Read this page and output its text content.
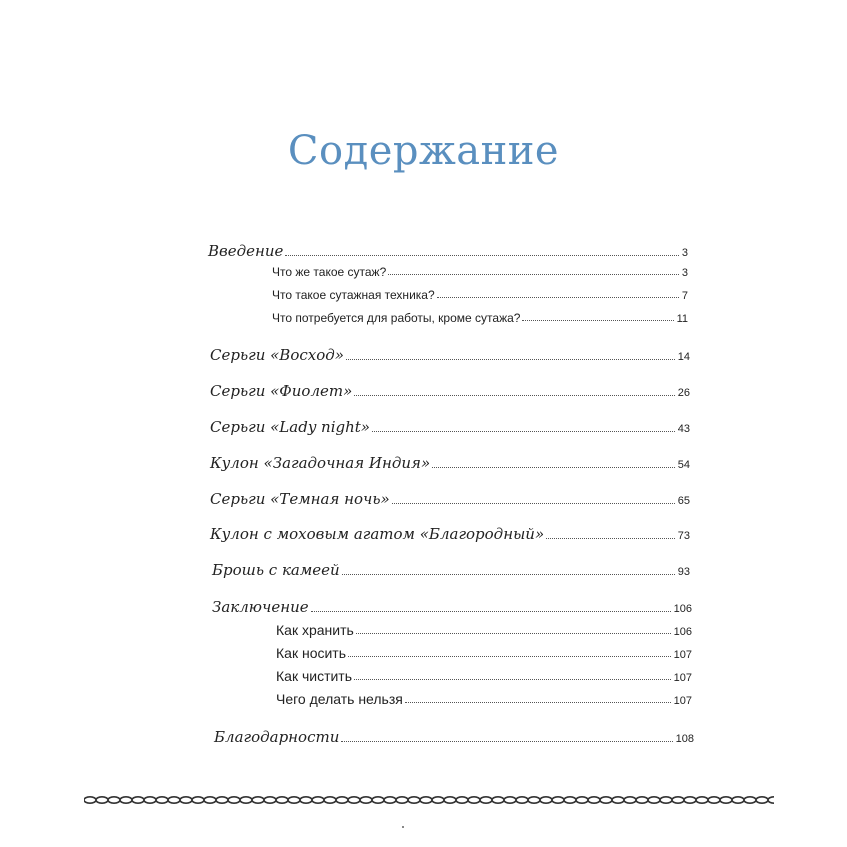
Содержание
Введение	3
Что же такое сутаж?	3
Что такое сутажная техника?	7
Что потребуется для работы, кроме сутажа?	11
Серьги «Восход»	14
Серьги «Фиолет»	26
Серьги «Lady night»	43
Кулон «Загадочная Индия»	54
Серьги «Темная ночь»	65
Кулон с моховым агатом «Благородный»	73
Брошь с камеей	93
Заключение	106
Как хранить	106
Как носить	107
Как чистить	107
Чего делать нельзя	107
Благодарности	108
